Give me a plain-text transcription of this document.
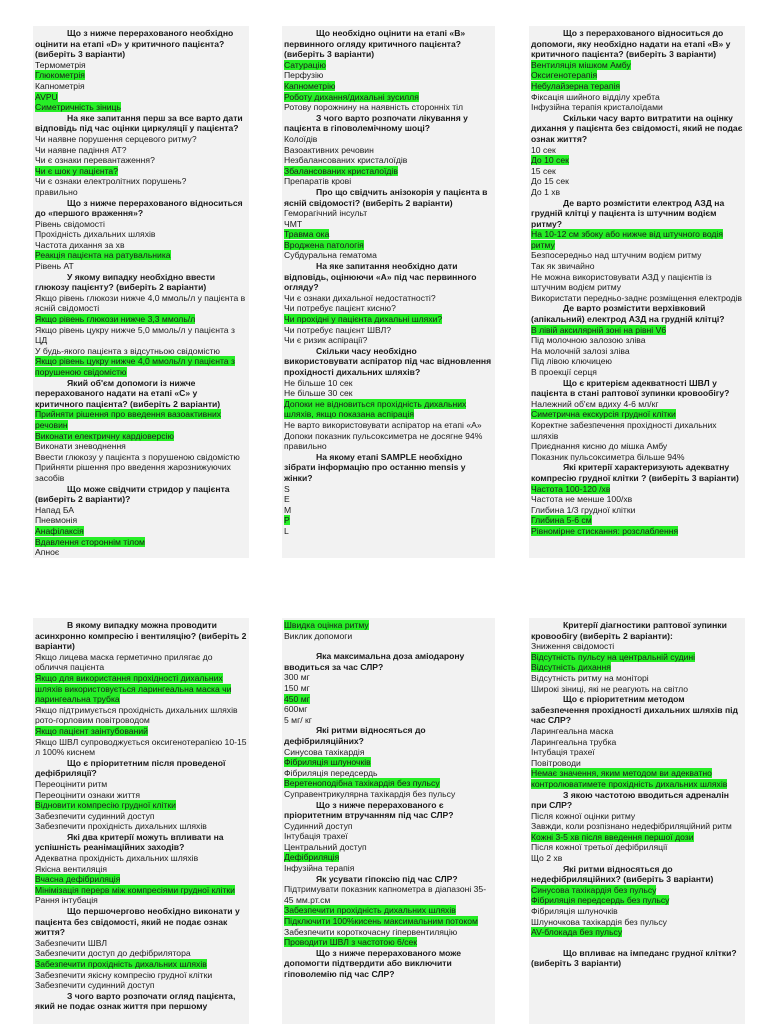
Що з нижче перерахованого необхідно оцінити на етапі «D» у критичного пацієнта? (виберіть 3 варіанти)
Термометрія
Глюкометрія
Капнометрія
AVPU
Симетричність зіниць
На яке запитання перш за все варто дати відповідь під час оцінки циркуляції у пацієнта?
Чи наявне порушення серцевого ритму?
Чи наявне падіння АТ?
Чи є ознаки перевантаження?
Чи є шок у пацієнта?
Чи є ознаки електролітних порушень?
правильно
Що з нижче перерахованого відноситься до «першого враження»?
Рівень свідомості
Прохідність дихальних шляхів
Частота дихання за хв
Реакція пацієнта на ратувальника
Рівень АТ
У якому випадку необхідно ввести глюкозу пацієнту? (виберіть 2 варіанти)
Якщо рівень глюкози нижче 4,0 ммоль/л у пацієнта в ясній свідомості
Якщо рівень глюкози нижче 3,3 ммоль/л
Якщо рівень цукру нижче 5,0 ммоль/л у пацієнта з ЦД
У будь-якого пацієнта з відсутньою свідомістю
Якщо рівень цукру нижче 4,0 ммоль/л у пацієнта з порушеною свідомістю
Який об'єм допомоги із нижче перерахованого надати на етапі «С» у критичного пацієнта? (виберіть 2 варіанти)
Прийняти рішення про введення вазоактивних речовин
Виконати електричну кардіоверсію
Виконати зневоднення
Ввести глюкозу у пацієнта з порушеною свідомістю
Прийняти рішення про введення жарознижуючих засобів
Що може свідчити стридор у пацієнта (виберіть 2 варіанти)?
Напад БА
Пневмонія
Анафілаксія
Вдавлення стороннім тілом
Апноє
Що необхідно оцінити на етапі «В» первинного огляду критичного пацієнта? (виберіть 3 варіанти)
Сатурацію
Перфузію
Капнометрію
Роботу дихання/дихальні зусилля
Ротову порожнину на наявність сторонніх тіл
З чого варто розпочати лікування у пацієнта в гіповолемічному шоці?
Колоїдів
Вазоактивних речовин
Незбалансованих кристалоїдів
Збалансованих кристалоїдів
Препаратів крові
Про що свідчить анізокорія у пацієнта в ясній свідомості? (виберіть 2 варіанти)
Геморагічний інсульт
ЧМТ
Травма ока
Вроджена патологія
Субдуральна гематома
На яке запитання необхідно дати відповідь, оцінюючи «А» під час первинного огляду?
Чи є ознаки дихальної недостатності?
Чи потребує пацієнт кисню?
Чи прохідні у пацієнта дихальні шляхи?
Чи потребує пацієнт ШВЛ?
Чи є ризик аспірації?
Скільки часу необхідно використовувати аспіратор під час відновлення прохідності дихальних шляхів?
Не більше 10 сек
Не більше 30 сек
Допоки не відновиться прохідність дихальних шляхів, якщо показана аспірація
Не варто використовувати аспіратор на етапі «А»
Допоки показник пульсоксиметра не досягне 94%
правильно
На якому етапі SAMPLE необхідно зібрати інформацію про останню mensis у жінки?
S
E
M
P
L
Що з перерахованого відноситься до допомоги, яку необхідно надати на етапі «В» у критичного пацієнта? (виберіть 3 варіанти)
Вентиляція мішком Амбу
Оксигенотерапія
Небулайзерна терапія
Фіксація шийного відділу хребта
Інфузійна терапія кристалоїдами
Скільки часу варто витратити на оцінку дихання у пацієнта без свідомості, який не подає ознак життя?
10 сек
До 10 сек
15 сек
До 15 сек
До 1 хв
Де варто розмістити електрод АЗД на грудній клітці у пацієнта із штучним водієм ритму?
На 10-12 см збоку або нижче від штучного водія ритму
Безпосередньо над штучним водієм ритму
Так як звичайно
Не можна використовувати АЗД у пацієнтів із штучним водієм ритму
Використати передньо-заднє розміщення електродів
Де варто розмістити верхівковий (апікальний) електрод АЗД на грудній клітці?
В лівій аксилярній зоні на рівні V6
Під молочною залозою зліва
На молочній залозі зліва
Під лівою ключицею
В проекції серця
Що є критерієм адекватності ШВЛ у пацієнта в стані раптової зупинки кровообігу?
Належний об'єм вдиху 4-6 мл/кг
Симетрична екскурсія грудної клітки
Коректне забезпечення прохідності дихальних шляхів
Приєднання кисню до мішка Амбу
Показник пульсоксиметра більше 94%
Які критерії характеризують адекватну компресію грудної клітки ? (виберіть 3 варіанти)
Частота 100-120 /хв
Частота не менше 100/хв
Глибина 1/3 грудної клітки
Глибина 5-6 см
Рівномірне стискання: розслаблення
В якому випадку можна проводити асинхронно компресію і вентиляцію? (виберіть 2 варіанти)
Якщо лицева маска герметично прилягає до обличчя пацієнта
Якщо для використання прохідності дихальних шляхів використовується ларингеальна маска чи ларингеальна трубка
Якщо підтримується прохідність дихальних шляхів рото-горловим повітроводом
Якщо пацієнт заінтубований
Якщо ШВЛ супроводжується оксигенотерапією 10-15 л 100% киснем
Що є пріоритетним після проведеної дефібриляції?
Переоцінити ритм
Переоцінити ознаки життя
Відновити компресію грудної клітки
Забезпечити судинний доступ
Забезпечити прохідність дихальних шляхів
Які два критерії можуть впливати на успішність реанімаційних заходів?
Адекватна прохідність дихальних шляхів
Якісна вентиляція
Вчасна дефібриляція
Мінімізація перерв між компресіями грудної клітки
Рання інтубація
Що першочергово необхідно виконати у пацієнта без свідомості, який не подає ознак життя?
Забезпечити ШВЛ
Забезпечити доступ до дефібрилятора
Забезпечити прохідність дихальних шляхів
Забезпечити якісну компресію грудної клітки
Забезпечити судинний доступ
З чого варто розпочати огляд пацієнта, який не подає ознак життя при першому
Швидка оцінка ритму
Виклик допомоги
Яка максимальна доза аміодарону вводиться за час СЛР?
300 мг
150 мг
450 мг
600мг
5 мг/ кг
Які ритми відносяться до дефібриляційних?
Синусова тахікардія
Фібриляція шлуночків
Фібриляція передсердь
Веретеноподібна тахікардія без пульсу
Суправентрикулярна тахікардія без пульсу
Що з нижче перерахованого є пріоритетним втручанням під час СЛР?
Судинний доступ
Інтубація трахеї
Центральний доступ
Дефібриляція
Інфузійна терапія
Як усувати гіпоксію під час СЛР?
Підтримувати показник капнометра в діапазоні 35-45 мм.рт.см
Забезпечити прохідність дихальних шляхів
Підключити 100%кисень максимальним потоком
Забезпечити короткочасну гіпервентиляцію
Проводити ШВЛ з частотою 6/сек
Що з нижче перерахованого може допомогти підтвердити або виключити гіповолемію під час СЛР?
Критерії діагностики раптової зупинки кровообігу (виберіть 2 варіанти):
Зниження свідомості
Відсутність пульсу на центральній судині
Відсутність дихання
Відсутність ритму на моніторі
Широкі зіниці, які не реагують на світло
Що є пріоритетним методом забезпечення прохідності дихальних шляхів під час СЛР?
Ларингеальна маска
Ларингеальна трубка
Інтубація трахеї
Повітроводи
Немає значення, яким методом ви адекватно контролюватимете прохідність дихальних шляхів
З якою частотою вводиться адреналін при СЛР?
Після кожної оцінки ритму
Завжди, коли розпізнано недефібриляційний ритм
Кожні 3-5 хв після введення першої дози
Після кожної третьої дефібриляції
Що 2 хв
Які ритми відносяться до недефібриляційних? (виберіть 3 варіанти)
Синусова тахікардія без пульсу
Фібриляція передсердь без пульсу
Фібриляція шлуночків
Шлуночкова тахікардія без пульсу
AV-блокада без пульсу
Що впливає на імпеданс грудної клітки? (виберіть 3 варіанти)
